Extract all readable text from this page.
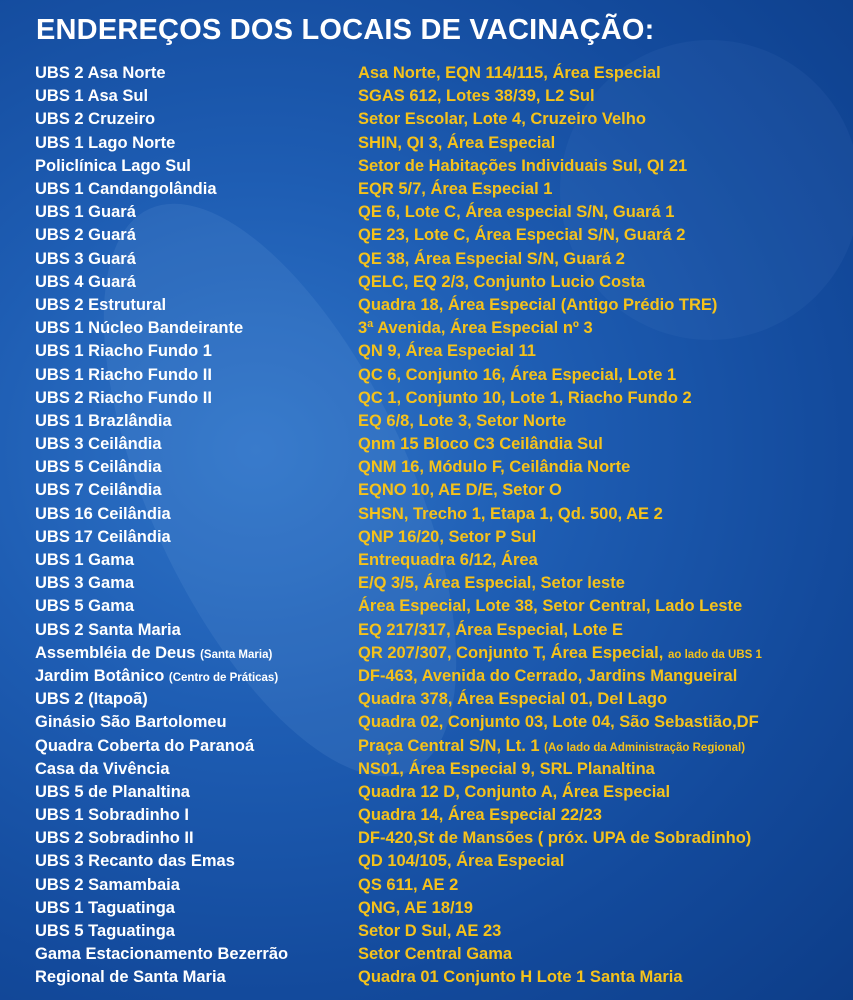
ENDEREÇOS DOS LOCAIS DE VACINAÇÃO:
UBS 2 Asa Norte	Asa Norte, EQN 114/115, Área Especial
UBS 1 Asa Sul	SGAS 612, Lotes 38/39, L2 Sul
UBS 2 Cruzeiro	Setor Escolar, Lote 4, Cruzeiro Velho
UBS 1 Lago Norte	SHIN, QI 3, Área Especial
Policlínica Lago Sul	Setor de Habitações Individuais Sul, QI 21
UBS 1 Candangolândia	EQR 5/7, Área Especial 1
UBS 1 Guará	QE 6, Lote C, Área especial S/N, Guará 1
UBS 2 Guará	QE 23, Lote C, Área Especial S/N, Guará 2
UBS 3 Guará	QE 38, Área Especial S/N, Guará 2
UBS 4 Guará	QELC, EQ 2/3, Conjunto Lucio Costa
UBS 2 Estrutural	Quadra 18, Área Especial (Antigo Prédio TRE)
UBS 1 Núcleo Bandeirante	3ª Avenida, Área Especial nº 3
UBS 1 Riacho Fundo 1	QN 9, Área Especial 11
UBS 1 Riacho Fundo II	QC 6, Conjunto 16, Área Especial, Lote 1
UBS 2 Riacho Fundo II	QC 1, Conjunto 10, Lote 1, Riacho Fundo 2
UBS 1 Brazlândia	EQ 6/8, Lote 3, Setor Norte
UBS 3 Ceilândia	Qnm 15 Bloco C3 Ceilândia Sul
UBS 5 Ceilândia	QNM 16, Módulo F, Ceilândia Norte
UBS 7 Ceilândia	EQNO 10, AE D/E, Setor O
UBS 16 Ceilândia	SHSN, Trecho 1, Etapa 1, Qd. 500, AE 2
UBS 17 Ceilândia	QNP 16/20, Setor P Sul
UBS 1 Gama	Entrequadra 6/12, Área
UBS 3 Gama	E/Q 3/5, Área Especial, Setor leste
UBS 5 Gama	Área Especial, Lote 38, Setor Central, Lado Leste
UBS 2 Santa Maria	EQ 217/317, Área Especial, Lote E
Assembléia de Deus (Santa Maria)	QR 207/307, Conjunto T, Área Especial, ao lado da UBS 1
Jardim Botânico (Centro de Práticas)	DF-463, Avenida do Cerrado, Jardins Mangueiral
UBS 2 (Itapoã)	Quadra 378, Área Especial 01, Del Lago
Ginásio São Bartolomeu	Quadra 02, Conjunto 03, Lote 04, São Sebastião,DF
Quadra Coberta do Paranoá	Praça Central S/N, Lt. 1 (Ao lado da Administração Regional)
Casa da Vivência	NS01, Área Especial 9, SRL Planaltina
UBS 5 de Planaltina	Quadra 12 D, Conjunto A, Área Especial
UBS 1 Sobradinho I	Quadra 14, Área Especial 22/23
UBS 2 Sobradinho II	DF-420,St de Mansões ( próx. UPA de Sobradinho)
UBS 3 Recanto das Emas	QD 104/105, Área Especial
UBS 2 Samambaia	QS 611, AE 2
UBS 1 Taguatinga	QNG, AE 18/19
UBS 5 Taguatinga	Setor D Sul, AE 23
Gama Estacionamento Bezerrão	Setor Central Gama
Regional de Santa Maria	Quadra 01 Conjunto H Lote 1 Santa Maria
